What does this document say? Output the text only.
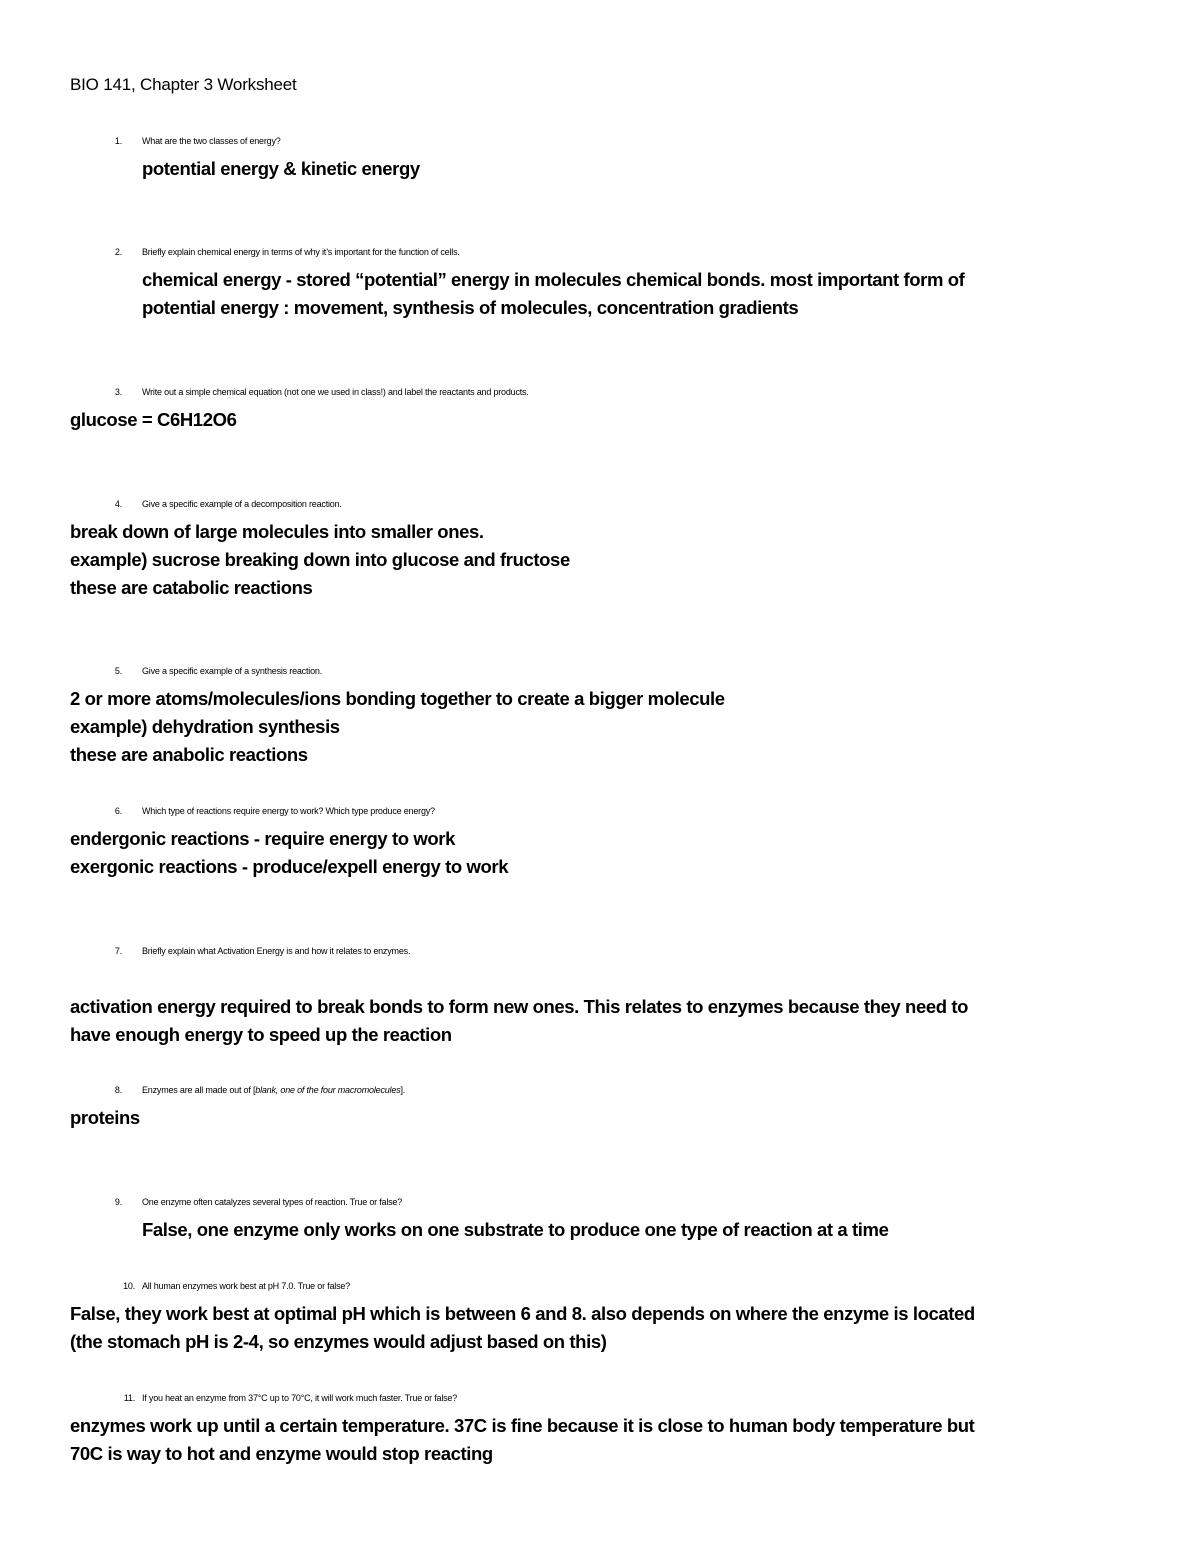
BIO 141, Chapter 3 Worksheet
1. What are the two classes of energy?
potential energy & kinetic energy
2. Briefly explain chemical energy in terms of why it’s important for the function of cells.
chemical energy - stored “potential” energy in molecules chemical bonds. most important form of
potential energy : movement, synthesis of molecules, concentration gradients
3. Write out a simple chemical equation (not one we used in class!) and label the reactants and products.
glucose = C6H12O6
4. Give a specific example of a decomposition reaction.
break down of large molecules into smaller ones.
example) sucrose breaking down into glucose and fructose
these are catabolic reactions
5. Give a specific example of a synthesis reaction.
2 or more atoms/molecules/ions bonding together to create a bigger molecule
example) dehydration synthesis
these are anabolic reactions
6. Which type of reactions require energy to work? Which type produce energy?
endergonic reactions - require energy to work
exergonic reactions - produce/expell energy to work
7. Briefly explain what Activation Energy is and how it relates to enzymes.
activation energy required to break bonds to form new ones. This relates to enzymes because they need to
have enough energy to speed up the reaction
8. Enzymes are all made out of [blank, one of the four macromolecules].
proteins
9. One enzyme often catalyzes several types of reaction. True or false?
False, one enzyme only works on one substrate to produce one type of reaction at a time
10. All human enzymes work best at pH 7.0. True or false?
False, they work best at optimal pH which is between 6 and 8. also depends on where the enzyme is located
(the stomach pH is 2-4, so enzymes would adjust based on this)
11. If you heat an enzyme from 37°C up to 70°C, it will work much faster. True or false?
enzymes work up until a certain temperature. 37C is fine because it is close to human body temperature but
70C is way to hot and enzyme would stop reacting
